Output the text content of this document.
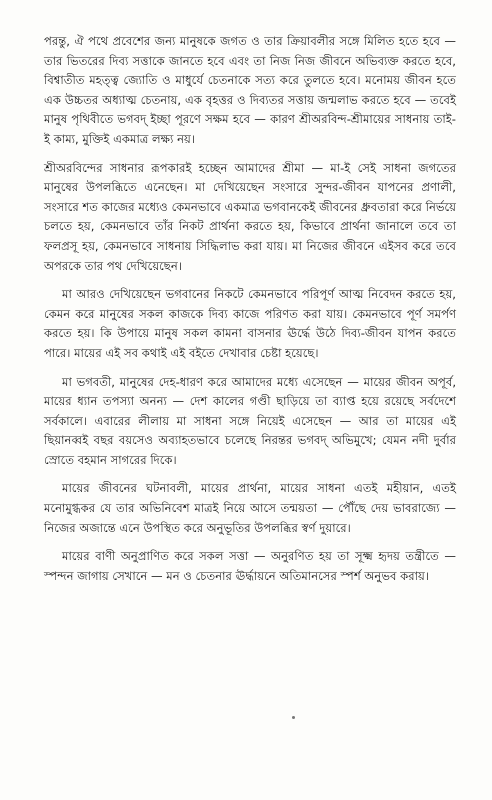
পরন্তু, ঐ পথে প্রবেশের জন্য মানুষকে জগত ও তার ক্রিয়াবলীর সঙ্গে মিলিত হতে হবে — তার ভিতরের দিব্য সত্তাকে জানতে হবে এবং তা নিজ নিজ জীবনে অভিব্যক্ত করতে হবে, বিশ্বাতীত মহত্ত্ব জ্যোতি ও মাধুর্যে চেতনাকে সত্য করে তুলতে হবে। মনোময় জীবন হতে এক উচ্চতর অধ্যাত্ম চেতনায়, এক বৃহত্তর ও দিব্যতর সত্তায় জন্মলাভ করতে হবে — তবেই মানুষ পৃথিবীতে ভগবদ্ ইচ্ছা পূরণে সক্ষম হবে — কারণ শ্রীঅরবিন্দ-শ্রীমায়ের সাধনায় তাই-ই কাম্য, মুক্তিই একমাত্র লক্ষ্য নয়।

শ্রীঅরবিন্দের সাধনার রূপকারই হচ্ছেন আমাদের শ্রীমা — মা-ই সেই সাধনা জগতের মানুষের উপলব্ধিতে এনেছেন। মা দেখিয়েছেন সংসারে সুন্দর-জীবন যাপনের প্রণালী, সংসারে শত কাজের মধ্যেও কেমনভাবে একমাত্র ভগবানকেই জীবনের ধ্রুবতারা করে নির্ভয়ে চলতে হয়, কেমনভাবে তাঁর নিকট প্রার্থনা করতে হয়, কিভাবে প্রার্থনা জানালে তবে তা ফলপ্রসূ হয়, কেমনভাবে সাধনায় সিদ্ধিলাভ করা যায়। মা নিজের জীবনে এইসব করে তবে অপরকে তার পথ দেখিয়েছেন।

মা আরও দেখিয়েছেন ভগবানের নিকটে কেমনভাবে পরিপূর্ণ আত্ম নিবেদন করতে হয়, কেমন করে মানুষের সকল কাজকে দিব্য কাজে পরিণত করা যায়। কেমনভাবে পূর্ণ সমর্পণ করতে হয়। কি উপায়ে মানুষ সকল কামনা বাসনার ঊর্দ্ধে উঠে দিব্য-জীবন যাপন করতে পারে। মায়ের এই সব কথাই এই বইতে দেখাবার চেষ্টা হয়েছে।

মা ভগবতী, মানুষের দেহ-ধারণ করে আমাদের মধ্যে এসেছেন — মায়ের জীবন অপূর্ব, মায়ের ধ্যান তপস্যা অনন্য — দেশ কালের গণ্ডী ছাড়িয়ে তা ব্যাপ্ত হয়ে রয়েছে সর্বদেশে সর্বকালে। এবারের লীলায় মা সাধনা সঙ্গে নিয়েই এসেছেন — আর তা মায়ের এই ছিয়ানব্বই বছর বয়সেও অব্যাহতভাবে চলেছে নিরন্তর ভগবদ্ অভিমুখে; যেমন নদী দুর্বার স্রোতে বহমান সাগরের দিকে।

মায়ের জীবনের ঘটনাবলী, মায়ের প্রার্থনা, মায়ের সাধনা এতই মহীয়ান, এতই মনোমুগ্ধকর যে তার অভিনিবেশ মাত্রই নিয়ে আসে তন্ময়তা — পৌঁছে দেয় ভাবরাজ্যে — নিজের অজান্তে এনে উপস্থিত করে অনুভূতির উপলব্ধির স্বর্ণ দুয়ারে।

মায়ের বাণী অনুপ্রাণিত করে সকল সত্তা — অনুরণিত হয় তা সূক্ষ্ম হৃদয় তন্ত্রীতে — স্পন্দন জাগায় সেখানে — মন ও চেতনার ঊর্দ্ধায়নে অতিমানসের স্পর্শ অনুভব করায়।
